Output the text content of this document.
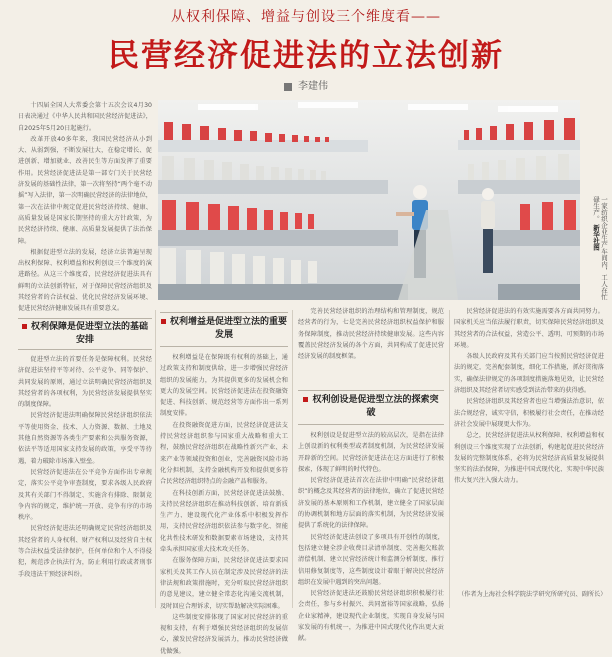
从权利保障、增益与创设三个维度看——
民营经济促进法的立法创新
李建伟

十四届全国人大常委会第十五次会议4月30日表决通过《中华人民共和国民营经济促进法》，自2025年5月20日起施行。

改革开放40多年来，我国民营经济从小到大、从弱到强，不断发展壮大，在稳定增长、促进创新、增加就业、改善民生等方面发挥了重要作用。民营经济促进法是第一部专门关于民营经济发展的基础性法律，第一次将坚持“两个毫不动摇”写入法律，第一次明确民营经济的法律地位，第一次在法律中规定促进民营经济持续、健康、高质量发展是国家长期坚持的重大方针政策，为民营经济持续、健康、高质量发展提供了法治保障。

根据促进型立法的发展，经济立法普遍呈现出权利保障、权利增益和权利创设三个维度的演进路径。从这三个维度看，民营经济促进法具有鲜明的立法创新特征，对于保障民营经济组织及其经营者的合法权益、优化民营经济发展环境、促进民营经济健康发展具有重要意义。

一家纺织企业生产车间内，工人在忙碌生产。 新华社图
权利保障是促进型立法的基础安排

促进型立法的首要任务是保障权利。民营经济促进法坚持平等对待、公平竞争、同等保护、共同发展的原则，通过立法明确民营经济组织及其经营者的各项权利，为民营经济发展提供坚实的制度保障。

民营经济促进法明确保障民营经济组织依法平等使用资金、技术、人力资源、数据、土地及其他自然资源等各类生产要素和公共服务资源，依法平等适用国家支持发展的政策，享受平等待遇，着力破除市场准入壁垒。

民营经济促进法在公平竞争方面作出专章规定，落实公平竞争审查制度，要求各级人民政府及其有关部门不得制定、实施含有排除、限制竞争内容的规定，维护统一开放、竞争有序的市场秩序。

民营经济促进法还明确规定民营经济组织及其经营者的人身权利、财产权利以及经营自主权等合法权益受法律保护，任何单位和个人不得侵犯，规范涉企执法行为，防止利用行政或者刑事手段违法干预经济纠纷。

权利增益是促进型立法的重要发展

权利增益是在保障既有权利的基础上，通过政策支持和制度供给，进一步增强民营经济组织的发展能力，为其提供更多的发展机会和更大的发展空间。民营经济促进法在投资融资促进、科技创新、规范经营等方面作出一系列制度安排。

在投资融资促进方面，民营经济促进法支持民营经济组织参与国家重大战略和重大工程，鼓励民营经济组织在战略性新兴产业、未来产业等领域投资和创业，完善融资风险市场化分担机制，支持金融机构开发和提供更多符合民营经济组织特点的金融产品和服务。

在科技创新方面，民营经济促进法鼓励、支持民营经济组织在推动科技创新、培育新质生产力、建设现代化产业体系中积极发挥作用，支持民营经济组织依法参与数字化、智能化共性技术研发和数据要素市场建设，支持其牵头承担国家重大技术攻关任务。

在服务保障方面，民营经济促进法要求国家机关及其工作人员在制定涉及民营经济的法律法规和政策措施时，充分听取民营经济组织的意见建议，建立健全常态化沟通交流机制，及时回应合理诉求，切实帮助解决实际困难。

这些制度安排体现了国家对民营经济的重视和支持，有利于增强民营经济组织的发展信心，激发民营经济发展活力，推动民营经济做优做强。

完善民营经济组织的治理结构和管理制度，规范经营者的行为，七是完善民营经济组织权益保护和服务保障制度，推动民营经济持续健康发展。这些内容覆盖民营经济发展的各个方面，共同构成了促进民营经济发展的制度框架。

权利创设是促进型立法的探索突破

权利创设是促进型立法的较高层次，是指在法律上创设新的权利类型或者制度机制，为民营经济发展开辟新的空间。民营经济促进法在这方面进行了积极探索，体现了鲜明的时代特色。

民营经济促进法首次在法律中明确“民营经济组织”的概念及其经营者的法律地位，确立了促进民营经济发展的基本原则和工作机制，建立健全了国家层面的协调机制和地方层面的落实机制，为民营经济发展提供了系统化的法律保障。

民营经济促进法创设了多项具有开创性的制度，包括建立健全涉企收费目录清单制度、完善拖欠账款清偿机制、建立民营经济统计和监测分析制度、推行信用修复制度等，这些制度设计着眼于解决民营经济组织在发展中遇到的突出问题。

民营经济促进法还鼓励民营经济组织积极履行社会责任，参与乡村振兴、共同富裕等国家战略，弘扬企业家精神，建设现代企业制度，实现自身发展与国家发展的有机统一，为推进中国式现代化作出更大贡献。

民营经济促进法的有效实施需要各方面共同努力。国家机关应当依法履行职责，切实保障民营经济组织及其经营者的合法权益，营造公平、透明、可预期的市场环境。

各级人民政府及其有关部门应当按照民营经济促进法的规定，完善配套制度，细化工作措施，抓好贯彻落实，确保法律规定的各项制度措施落地见效，让民营经济组织及其经营者切实感受到法治带来的获得感。

民营经济组织及其经营者也应当增强法治意识，依法合规经营，诚实守信，积极履行社会责任，在推动经济社会发展中展现更大作为。

总之，民营经济促进法从权利保障、权利增益和权利创设三个维度实现了立法创新，构建起促进民营经济发展的完整制度体系，必将为民营经济高质量发展提供坚实的法治保障，为推进中国式现代化、实现中华民族伟大复兴注入强大动力。

（作者为上海社会科学院法学研究所研究员、副所长）
